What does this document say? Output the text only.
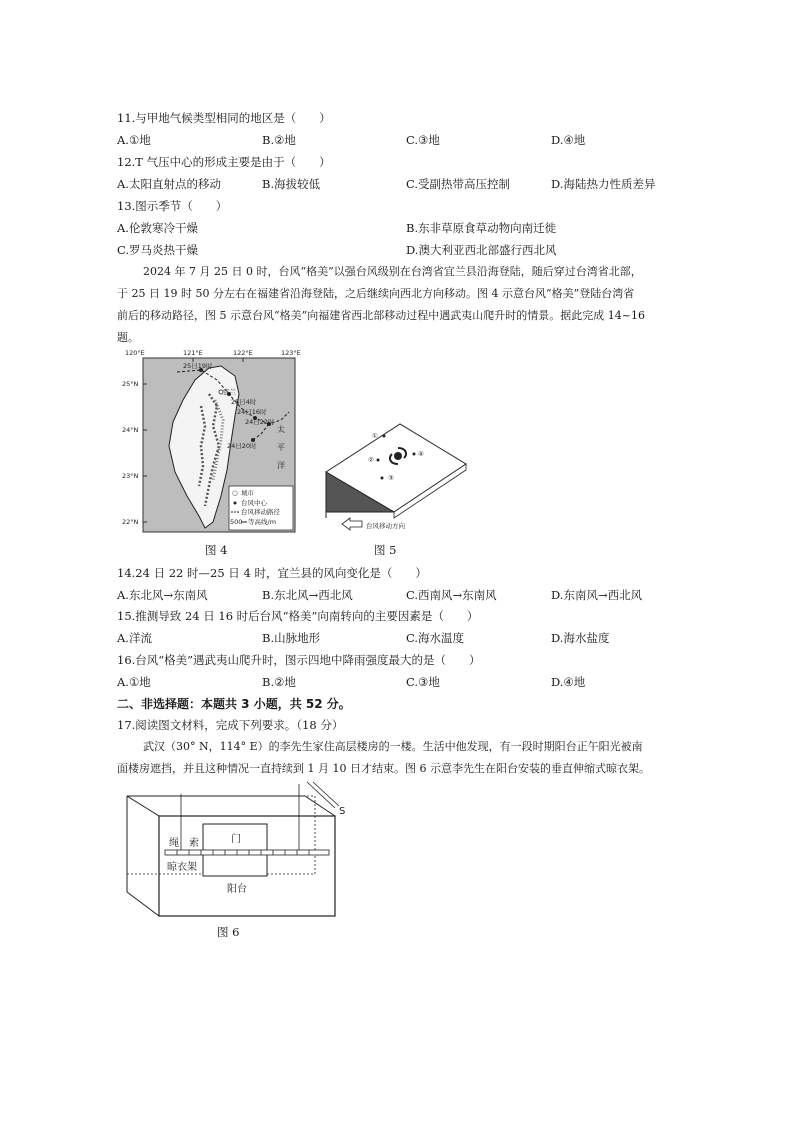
11.与甲地气候类型相同的地区是（　　）
A.①地	B.②地	C.③地	D.④地
12.T 气压中心的形成主要是由于（　　）
A.太阳直射点的移动	B.海拔较低	C.受副热带高压控制	D.海陆热力性质差异
13.图示季节（　　）
A.伦敦寒冷干燥	B.东非草原食草动物向南迁徙
C.罗马炎热干燥	D.澳大利亚西北部盛行西北风
2024 年 7 月 25 日 0 时，台风“格美”以强台风级别在台湾省宜兰县沿海登陆，随后穿过台湾省北部，
于 25 日 19 时 50 分左右在福建省沿海登陆，之后继续向西北方向移动。图 4 示意台风“格美”登陆台湾省
前后的移动路径，图 5 示意台风“格美”向福建省西北部移动过程中遇武夷山爬升时的情景。据此完成 14~16
题。
120°E	121°E	122°E	123°E
25°N
24°N
23°N
22°N
25日19时
25日4时
24日16时
24日22时
24日20时
宜兰
太
平
洋
○ 城市
台风中心
台风移动路径
500 等高线/m
图 4
①
②
③
④
台风移动方向
图 5
14.24 日 22 时—25 日 4 时，宜兰县的风向变化是（　　）
A.东北风→东南风	B.东北风→西北风	C.西南风→东南风	D.东南风→西北风
15.推测导致 24 日 16 时后台风“格美”向南转向的主要因素是（　　）
A.洋流	B.山脉地形	C.海水温度	D.海水盐度
16.台风“格美”遇武夷山爬升时，图示四地中降雨强度最大的是（　　）
A.①地	B.②地	C.③地	D.④地
二、非选择题：本题共 3 小题，共 52 分。
17.阅读图文材料，完成下列要求。（18 分）
武汉（30° N，114° E）的李先生家住高层楼房的一楼。生活中他发现，有一段时期阳台正午阳光被南
面楼房遮挡，并且这种情况一直持续到 1 月 10 日才结束。图 6 示意李先生在阳台安装的垂直伸缩式晾衣架。
S
绳　索	门
晾衣架
阳台
图 6
